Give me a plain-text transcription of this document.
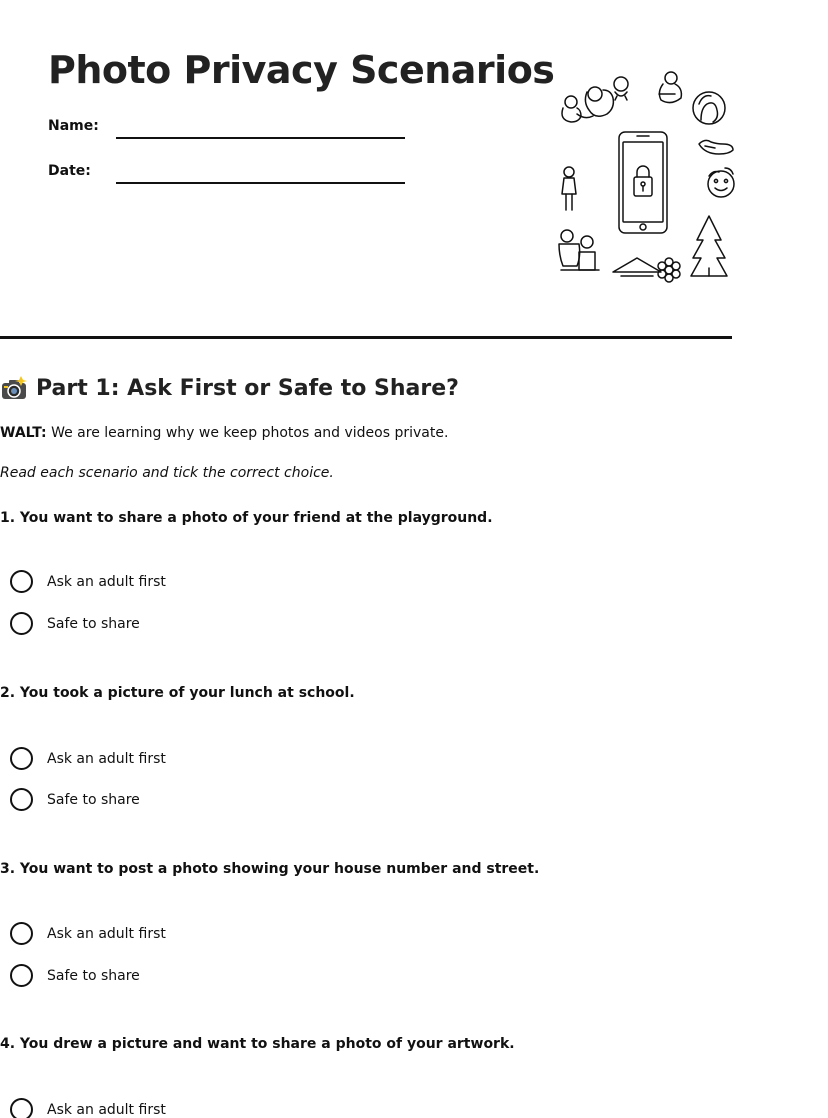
Photo Privacy Scenarios
Name:
Date:
Part 1: Ask First or Safe to Share?

WALT: We are learning why we keep photos and videos private.

Read each scenario and tick the correct choice.

1. You want to share a photo of your friend at the playground.

Ask an adult first
Safe to share

2. You took a picture of your lunch at school.

Ask an adult first
Safe to share

3. You want to post a photo showing your house number and street.

Ask an adult first
Safe to share

4. You drew a picture and want to share a photo of your artwork.

Ask an adult first
